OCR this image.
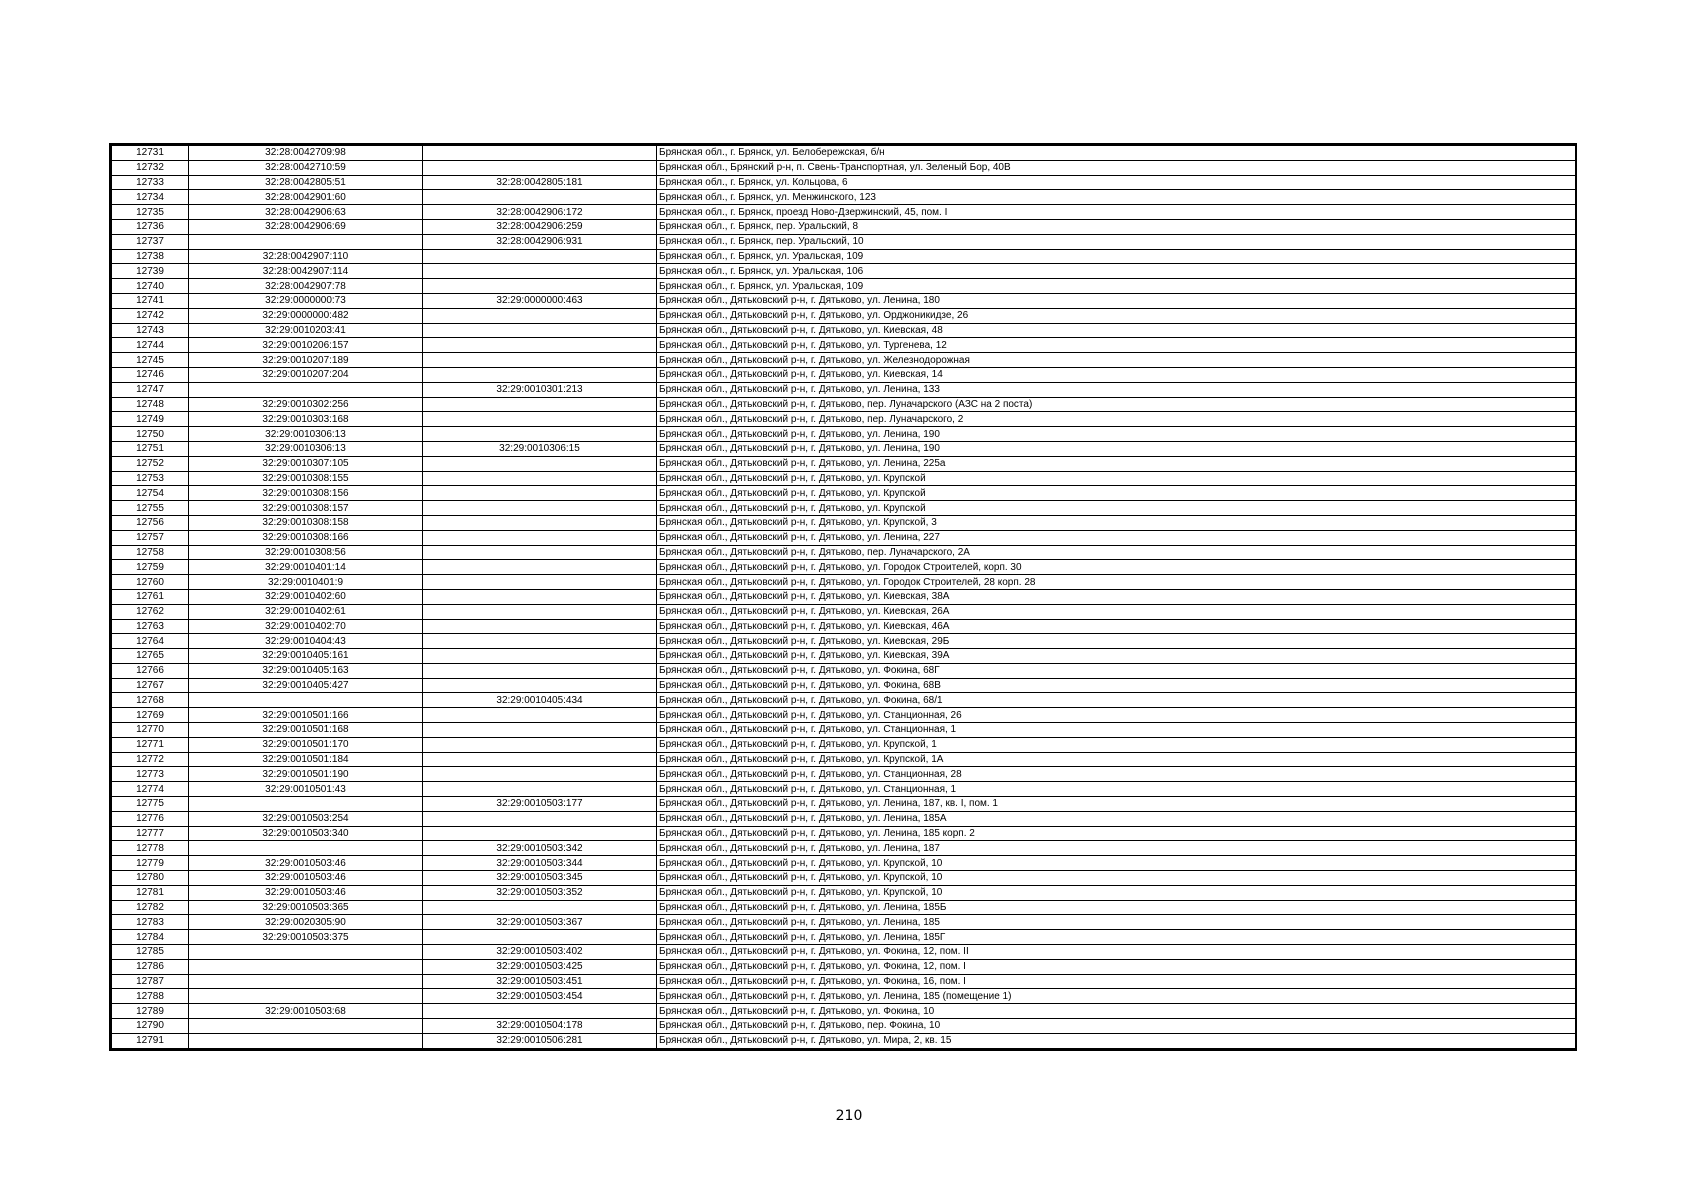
12731	32:28:0042709:98		Брянская обл., г. Брянск, ул. Белобережская, б/н
12732	32:28:0042710:59		Брянская обл., Брянский р-н, п. Свень-Транспортная, ул. Зеленый Бор, 40В
12733	32:28:0042805:51	32:28:0042805:181	Брянская обл., г. Брянск, ул. Кольцова, 6
12734	32:28:0042901:60		Брянская обл., г. Брянск, ул. Менжинского, 123
12735	32:28:0042906:63	32:28:0042906:172	Брянская обл., г. Брянск, проезд Ново-Дзержинский, 45, пом. I
12736	32:28:0042906:69	32:28:0042906:259	Брянская обл., г. Брянск, пер. Уральский, 8
12737		32:28:0042906:931	Брянская обл., г. Брянск, пер. Уральский, 10
12738	32:28:0042907:110		Брянская обл., г. Брянск, ул. Уральская, 109
12739	32:28:0042907:114		Брянская обл., г. Брянск, ул. Уральская, 106
12740	32:28:0042907:78		Брянская обл., г. Брянск, ул. Уральская, 109
12741	32:29:0000000:73	32:29:0000000:463	Брянская обл., Дятьковский р-н, г. Дятьково, ул. Ленина, 180
12742	32:29:0000000:482		Брянская обл., Дятьковский р-н, г. Дятьково, ул. Орджоникидзе, 26
12743	32:29:0010203:41		Брянская обл., Дятьковский р-н, г. Дятьково, ул. Киевская, 48
12744	32:29:0010206:157		Брянская обл., Дятьковский р-н, г. Дятьково, ул. Тургенева, 12
12745	32:29:0010207:189		Брянская обл., Дятьковский р-н, г. Дятьково, ул. Железнодорожная
12746	32:29:0010207:204		Брянская обл., Дятьковский р-н, г. Дятьково, ул. Киевская, 14
12747		32:29:0010301:213	Брянская обл., Дятьковский р-н, г. Дятьково, ул. Ленина, 133
12748	32:29:0010302:256		Брянская обл., Дятьковский р-н, г. Дятьково, пер. Луначарского (АЗС на 2 поста)
12749	32:29:0010303:168		Брянская обл., Дятьковский р-н, г. Дятьково, пер. Луначарского, 2
12750	32:29:0010306:13		Брянская обл., Дятьковский р-н, г. Дятьково, ул. Ленина, 190
12751	32:29:0010306:13	32:29:0010306:15	Брянская обл., Дятьковский р-н, г. Дятьково, ул. Ленина, 190
12752	32:29:0010307:105		Брянская обл., Дятьковский р-н, г. Дятьково, ул. Ленина, 225а
12753	32:29:0010308:155		Брянская обл., Дятьковский р-н, г. Дятьково, ул. Крупской
12754	32:29:0010308:156		Брянская обл., Дятьковский р-н, г. Дятьково, ул. Крупской
12755	32:29:0010308:157		Брянская обл., Дятьковский р-н, г. Дятьково, ул. Крупской
12756	32:29:0010308:158		Брянская обл., Дятьковский р-н, г. Дятьково, ул. Крупской, 3
12757	32:29:0010308:166		Брянская обл., Дятьковский р-н, г. Дятьково, ул. Ленина, 227
12758	32:29:0010308:56		Брянская обл., Дятьковский р-н, г. Дятьково, пер. Луначарского, 2А
12759	32:29:0010401:14		Брянская обл., Дятьковский р-н, г. Дятьково, ул. Городок Строителей, корп. 30
12760	32:29:0010401:9		Брянская обл., Дятьковский р-н, г. Дятьково, ул. Городок Строителей, 28 корп. 28
12761	32:29:0010402:60		Брянская обл., Дятьковский р-н, г. Дятьково, ул. Киевская, 38А
12762	32:29:0010402:61		Брянская обл., Дятьковский р-н, г. Дятьково, ул. Киевская, 26А
12763	32:29:0010402:70		Брянская обл., Дятьковский р-н, г. Дятьково, ул. Киевская, 46А
12764	32:29:0010404:43		Брянская обл., Дятьковский р-н, г. Дятьково, ул. Киевская, 29Б
12765	32:29:0010405:161		Брянская обл., Дятьковский р-н, г. Дятьково, ул. Киевская, 39А
12766	32:29:0010405:163		Брянская обл., Дятьковский р-н, г. Дятьково, ул. Фокина, 68Г
12767	32:29:0010405:427		Брянская обл., Дятьковский р-н, г. Дятьково, ул. Фокина, 68В
12768		32:29:0010405:434	Брянская обл., Дятьковский р-н, г. Дятьково, ул. Фокина, 68/1
12769	32:29:0010501:166		Брянская обл., Дятьковский р-н, г. Дятьково, ул. Станционная, 26
12770	32:29:0010501:168		Брянская обл., Дятьковский р-н, г. Дятьково, ул. Станционная, 1
12771	32:29:0010501:170		Брянская обл., Дятьковский р-н, г. Дятьково, ул. Крупской, 1
12772	32:29:0010501:184		Брянская обл., Дятьковский р-н, г. Дятьково, ул. Крупской, 1А
12773	32:29:0010501:190		Брянская обл., Дятьковский р-н, г. Дятьково, ул. Станционная, 28
12774	32:29:0010501:43		Брянская обл., Дятьковский р-н, г. Дятьково, ул. Станционная, 1
12775		32:29:0010503:177	Брянская обл., Дятьковский р-н, г. Дятьково, ул. Ленина, 187, кв. I, пом. 1
12776	32:29:0010503:254		Брянская обл., Дятьковский р-н, г. Дятьково, ул. Ленина, 185А
12777	32:29:0010503:340		Брянская обл., Дятьковский р-н, г. Дятьково, ул. Ленина, 185 корп. 2
12778		32:29:0010503:342	Брянская обл., Дятьковский р-н, г. Дятьково, ул. Ленина, 187
12779	32:29:0010503:46	32:29:0010503:344	Брянская обл., Дятьковский р-н, г. Дятьково, ул. Крупской, 10
12780	32:29:0010503:46	32:29:0010503:345	Брянская обл., Дятьковский р-н, г. Дятьково, ул. Крупской, 10
12781	32:29:0010503:46	32:29:0010503:352	Брянская обл., Дятьковский р-н, г. Дятьково, ул. Крупской, 10
12782	32:29:0010503:365		Брянская обл., Дятьковский р-н, г. Дятьково, ул. Ленина, 185Б
12783	32:29:0020305:90	32:29:0010503:367	Брянская обл., Дятьковский р-н, г. Дятьково, ул. Ленина, 185
12784	32:29:0010503:375		Брянская обл., Дятьковский р-н, г. Дятьково, ул. Ленина, 185Г
12785		32:29:0010503:402	Брянская обл., Дятьковский р-н, г. Дятьково, ул. Фокина, 12, пом. II
12786		32:29:0010503:425	Брянская обл., Дятьковский р-н, г. Дятьково, ул. Фокина, 12, пом. I
12787		32:29:0010503:451	Брянская обл., Дятьковский р-н, г. Дятьково, ул. Фокина, 16, пом. I
12788		32:29:0010503:454	Брянская обл., Дятьковский р-н, г. Дятьково, ул. Ленина, 185 (помещение 1)
12789	32:29:0010503:68		Брянская обл., Дятьковский р-н, г. Дятьково, ул. Фокина, 10
12790		32:29:0010504:178	Брянская обл., Дятьковский р-н, г. Дятьково, пер. Фокина, 10
12791		32:29:0010506:281	Брянская обл., Дятьковский р-н, г. Дятьково, ул. Мира, 2, кв. 15
210
